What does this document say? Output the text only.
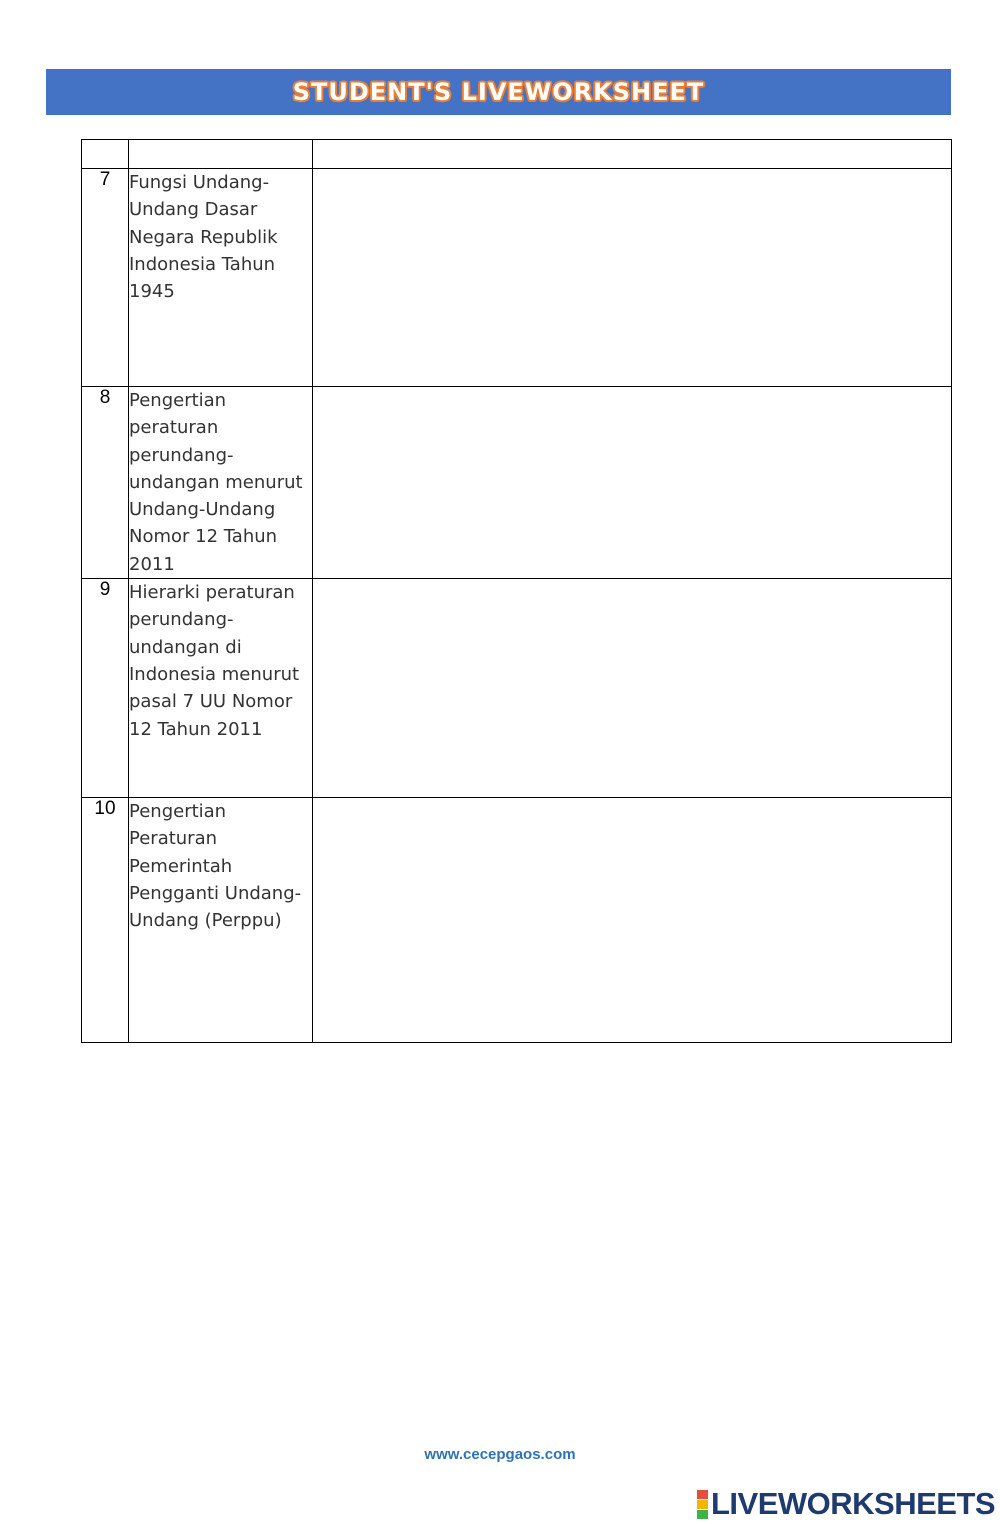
STUDENT'S LIVEWORKSHEET

7	Fungsi Undang-Undang Dasar Negara Republik Indonesia Tahun 1945	
8	Pengertian peraturan perundang-undangan menurut Undang-Undang Nomor 12 Tahun 2011	
9	Hierarki peraturan perundang-undangan di Indonesia menurut pasal 7 UU Nomor 12 Tahun 2011	
10	Pengertian Peraturan Pemerintah Pengganti Undang-Undang (Perppu)	
www.cecepgaos.com
LIVEWORKSHEETS
